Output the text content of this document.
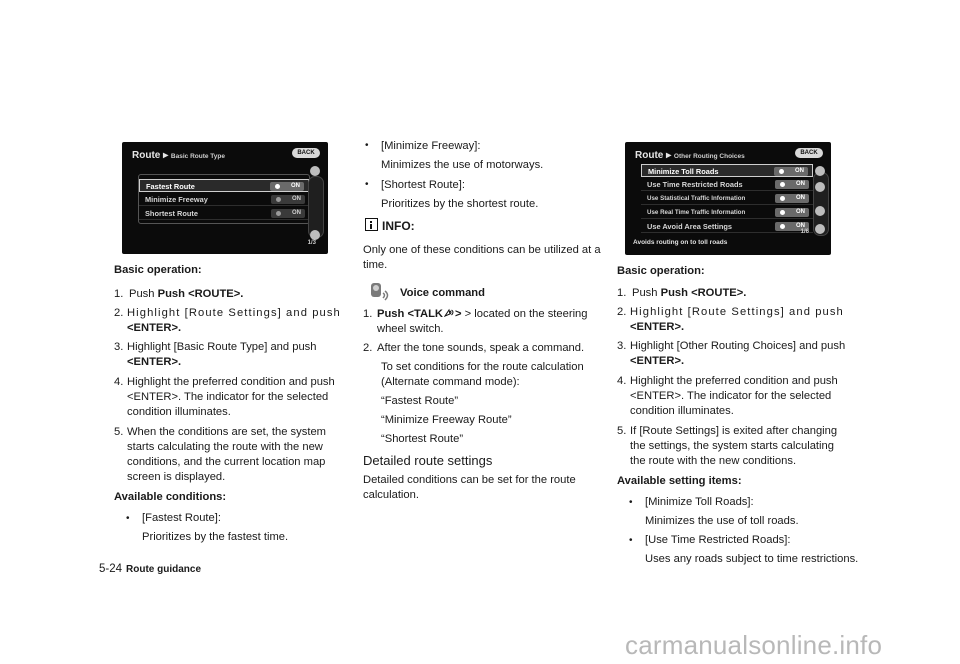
Route ▸ Basic Route Type	BACK
Fastest Route	ON
Minimize Freeway	ON
Shortest Route	ON
1/3
Basic operation:
1. Push Push <ROUTE>.
2. Highlight [Route Settings] and push
<ENTER>.
3. Highlight [Basic Route Type] and push
<ENTER>.
4. Highlight the preferred condition and push
<ENTER>. The indicator for the selected
condition illuminates.
5. When the conditions are set, the system
starts calculating the route with the new
conditions, and the current location map
screen is displayed.
Available conditions:
• [Fastest Route]:
Prioritizes by the fastest time.
• [Minimize Freeway]:
Minimizes the use of motorways.
• [Shortest Route]:
Prioritizes by the shortest route.
INFO:
Only one of these conditions can be utilized at a
time.
Voice command
1. Push <TALK > > located on the steering
wheel switch.
2. After the tone sounds, speak a command.
To set conditions for the route calculation
(Alternate command mode):
“Fastest Route”
“Minimize Freeway Route”
“Shortest Route”
Detailed route settings
Detailed conditions can be set for the route
calculation.
Route ▸ Other Routing Choices	BACK
Minimize Toll Roads	ON
Use Time Restricted Roads	ON
Use Statistical Traffic Information	ON
Use Real Time Traffic Information	ON
Use Avoid Area Settings	ON
1/6
Avoids routing on to toll roads
Basic operation:
1. Push Push <ROUTE>.
2. Highlight [Route Settings] and push
<ENTER>.
3. Highlight [Other Routing Choices] and push
<ENTER>.
4. Highlight the preferred condition and push
<ENTER>. The indicator for the selected
condition illuminates.
5. If [Route Settings] is exited after changing
the settings, the system starts calculating
the route with the new conditions.
Available setting items:
• [Minimize Toll Roads]:
Minimizes the use of toll roads.
• [Use Time Restricted Roads]:
Uses any roads subject to time restrictions.
5-24 Route guidance
carmanualsonline.info
